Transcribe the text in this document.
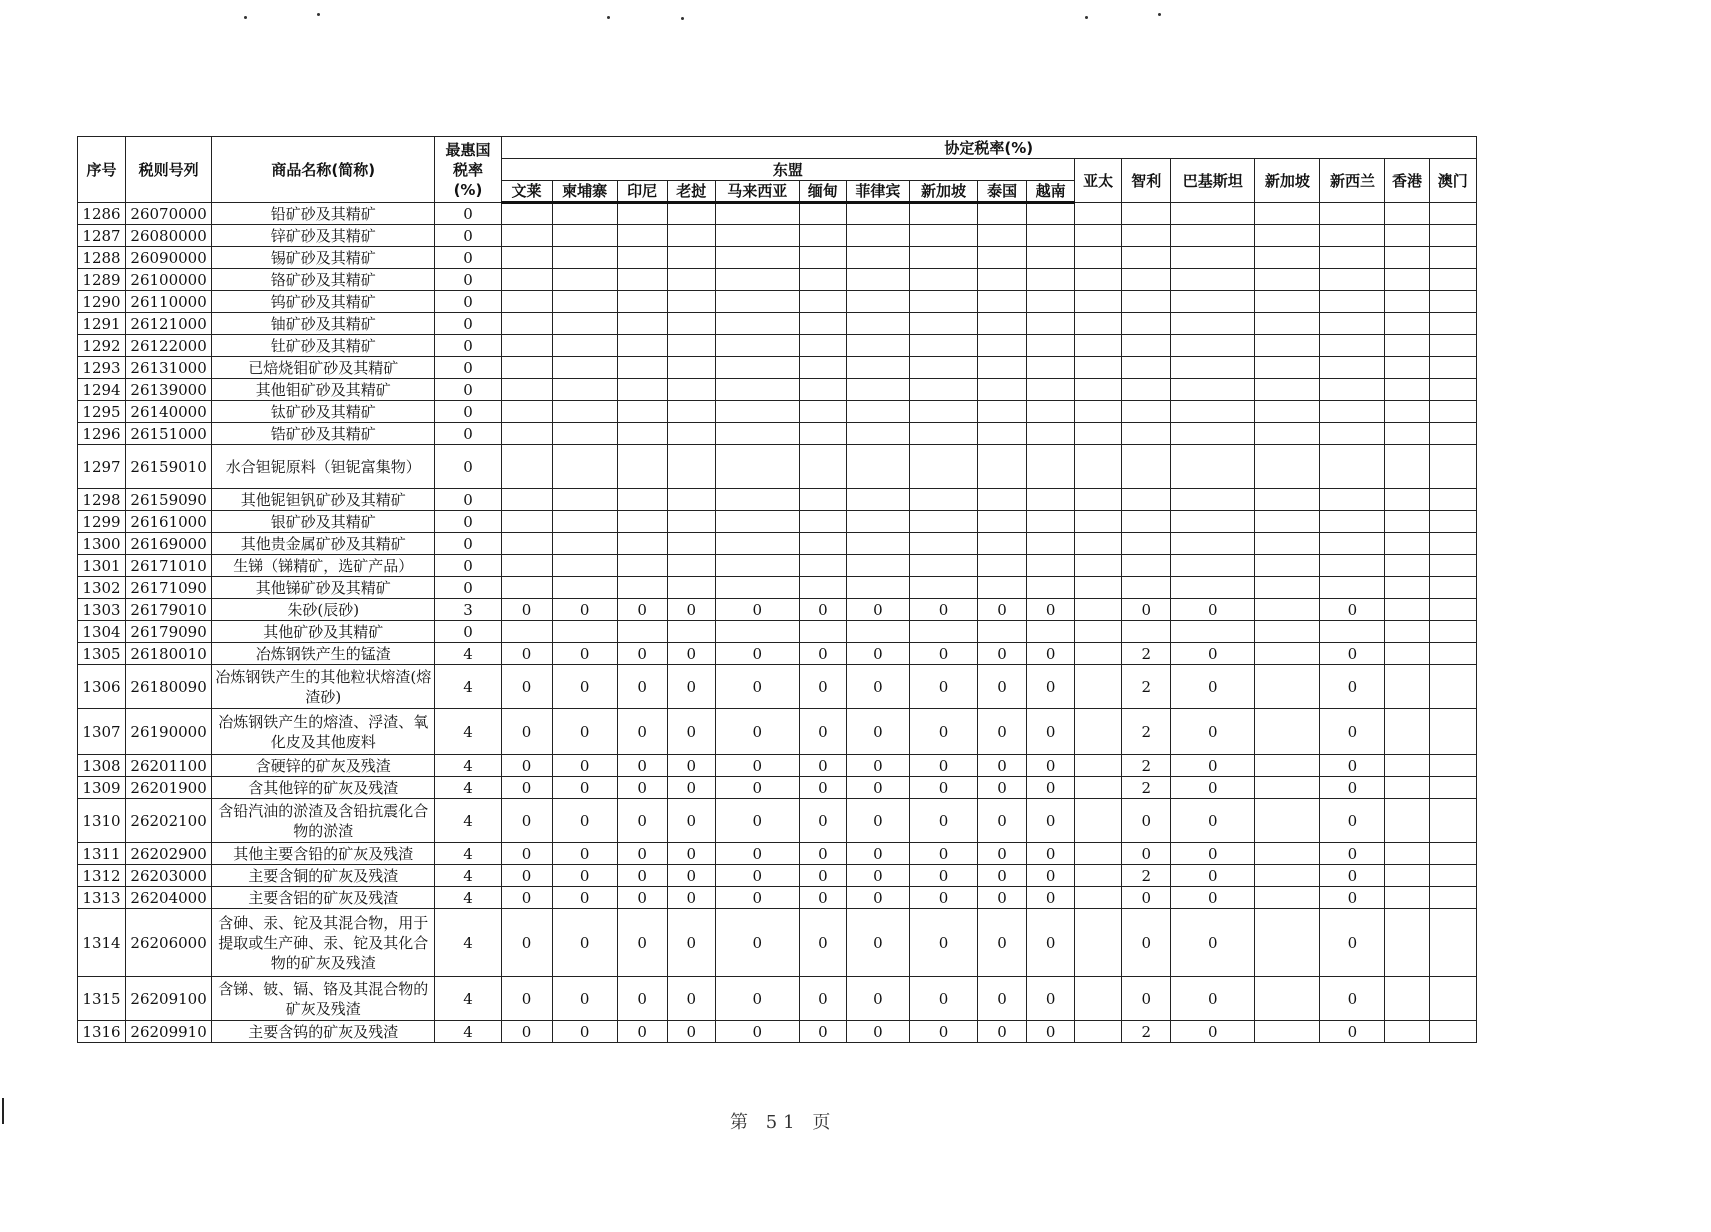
序号	税则号列	商品名称(简称)	最惠国
税率
(%)	协定税率(%)																
				东盟										亚太	智利	巴基斯坦	新加坡	新西兰	香港	澳门
				文莱	柬埔寨	印尼	老挝	马来西亚	缅甸	菲律宾	新加坡	泰国	越南							
1286	26070000	铅矿砂及其精矿	0																	
1287	26080000	锌矿砂及其精矿	0																	
1288	26090000	锡矿砂及其精矿	0																	
1289	26100000	铬矿砂及其精矿	0																	
1290	26110000	钨矿砂及其精矿	0																	
1291	26121000	铀矿砂及其精矿	0																	
1292	26122000	钍矿砂及其精矿	0																	
1293	26131000	已焙烧钼矿砂及其精矿	0																	
1294	26139000	其他钼矿砂及其精矿	0																	
1295	26140000	钛矿砂及其精矿	0																	
1296	26151000	锆矿砂及其精矿	0																	
1297	26159010	水合钽铌原料（钽铌富集物）	0																	
1298	26159090	其他铌钽钒矿砂及其精矿	0																	
1299	26161000	银矿砂及其精矿	0																	
1300	26169000	其他贵金属矿砂及其精矿	0																	
1301	26171010	生锑（锑精矿，选矿产品）	0																	
1302	26171090	其他锑矿砂及其精矿	0																	
1303	26179010	朱砂(辰砂)	3	0	0	0	0	0	0	0	0	0	0		0	0		0		
1304	26179090	其他矿砂及其精矿	0																	
1305	26180010	冶炼钢铁产生的锰渣	4	0	0	0	0	0	0	0	0	0	0		2	0		0		
1306	26180090	冶炼钢铁产生的其他粒状熔渣(熔渣砂)	4	0	0	0	0	0	0	0	0	0	0		2	0		0		
1307	26190000	冶炼钢铁产生的熔渣、浮渣、氧化皮及其他废料	4	0	0	0	0	0	0	0	0	0	0		2	0		0		
1308	26201100	含硬锌的矿灰及残渣	4	0	0	0	0	0	0	0	0	0	0		2	0		0		
1309	26201900	含其他锌的矿灰及残渣	4	0	0	0	0	0	0	0	0	0	0		2	0		0		
1310	26202100	含铅汽油的淤渣及含铅抗震化合物的淤渣	4	0	0	0	0	0	0	0	0	0	0		0	0		0		
1311	26202900	其他主要含铅的矿灰及残渣	4	0	0	0	0	0	0	0	0	0	0		0	0		0		
1312	26203000	主要含铜的矿灰及残渣	4	0	0	0	0	0	0	0	0	0	0		2	0		0		
1313	26204000	主要含铝的矿灰及残渣	4	0	0	0	0	0	0	0	0	0	0		0	0		0		
1314	26206000	含砷、汞、铊及其混合物，用于提取或生产砷、汞、铊及其化合物的矿灰及残渣	4	0	0	0	0	0	0	0	0	0	0		0	0		0		
1315	26209100	含锑、铍、镉、铬及其混合物的矿灰及残渣	4	0	0	0	0	0	0	0	0	0	0		0	0		0		
1316	26209910	主要含钨的矿灰及残渣	4	0	0	0	0	0	0	0	0	0	0		2	0		0		
第 51 页
